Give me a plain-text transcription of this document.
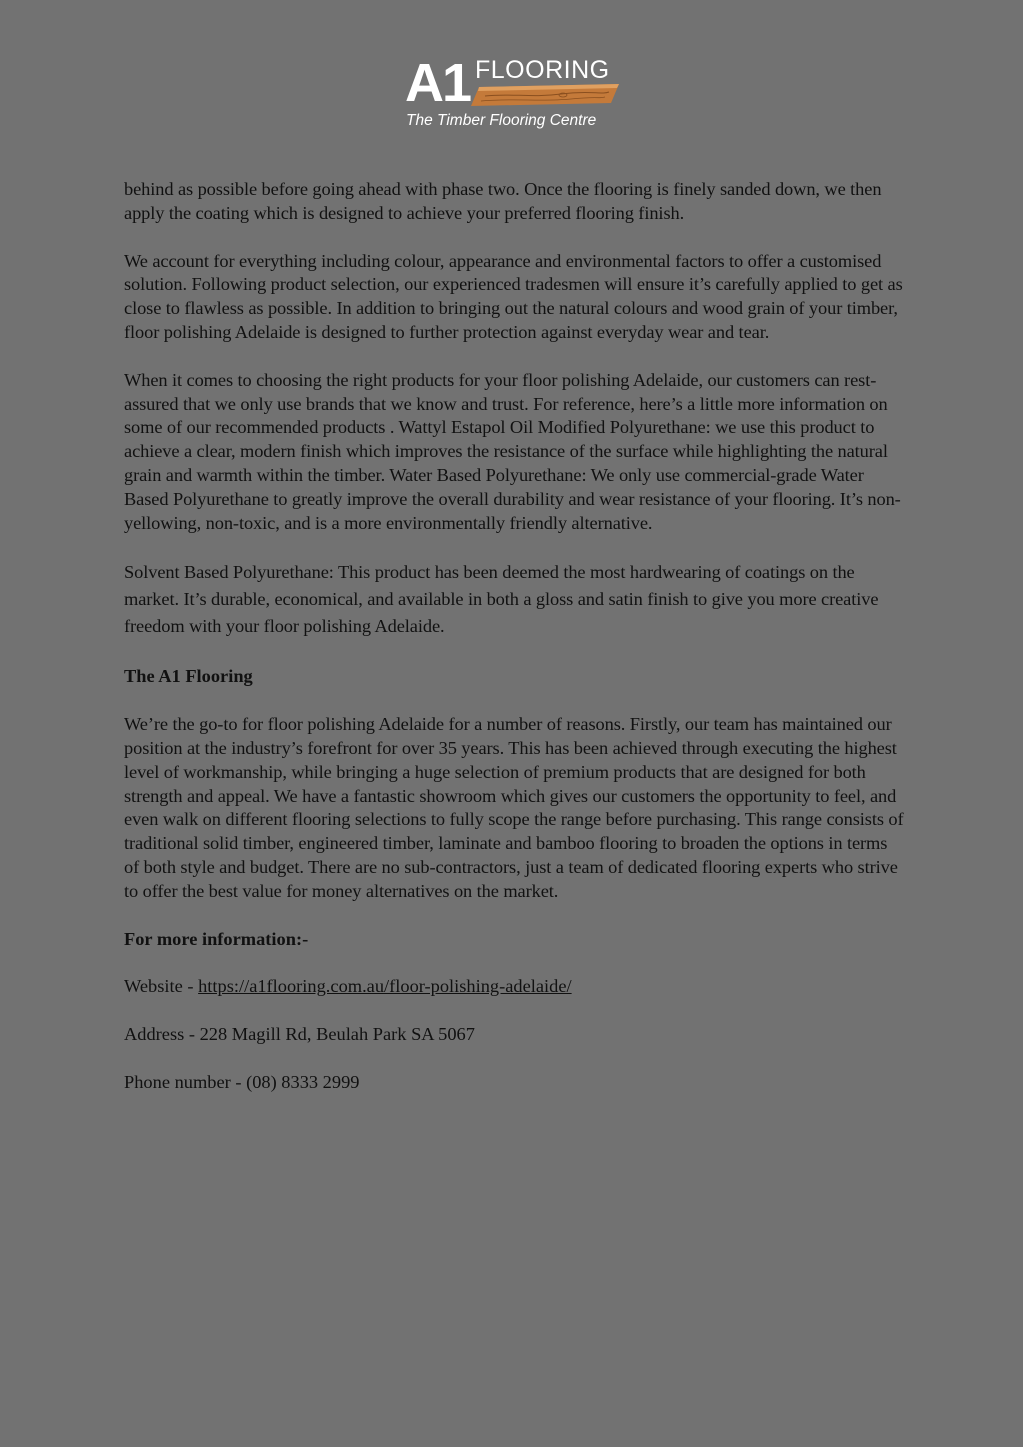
A1 FLOORING
The Timber Flooring Centre

behind as possible before going ahead with phase two. Once the flooring is finely sanded down, we then apply the coating which is designed to achieve your preferred flooring finish.

We account for everything including colour, appearance and environmental factors to offer a customised solution. Following product selection, our experienced tradesmen will ensure it’s carefully applied to get as close to flawless as possible. In addition to bringing out the natural colours and wood grain of your timber, floor polishing Adelaide is designed to further protection against everyday wear and tear.

When it comes to choosing the right products for your floor polishing Adelaide, our customers can rest-assured that we only use brands that we know and trust. For reference, here’s a little more information on some of our recommended products . Wattyl Estapol Oil Modified Polyurethane: we use this product to achieve a clear, modern finish which improves the resistance of the surface while highlighting the natural grain and warmth within the timber. Water Based Polyurethane: We only use commercial-grade Water Based Polyurethane to greatly improve the overall durability and wear resistance of your flooring. It’s non-yellowing, non-toxic, and is a more environmentally friendly alternative.

Solvent Based Polyurethane: This product has been deemed the most hardwearing of coatings on the market. It’s durable, economical, and available in both a gloss and satin finish to give you more creative freedom with your floor polishing Adelaide.

The A1 Flooring

We’re the go-to for floor polishing Adelaide for a number of reasons. Firstly, our team has maintained our position at the industry’s forefront for over 35 years. This has been achieved through executing the highest level of workmanship, while bringing a huge selection of premium products that are designed for both strength and appeal. We have a fantastic showroom which gives our customers the opportunity to feel, and even walk on different flooring selections to fully scope the range before purchasing. This range consists of traditional solid timber, engineered timber, laminate and bamboo flooring to broaden the options in terms of both style and budget. There are no sub-contractors, just a team of dedicated flooring experts who strive to offer the best value for money alternatives on the market.

For more information:-

Website - https://a1flooring.com.au/floor-polishing-adelaide/

Address - 228 Magill Rd, Beulah Park SA 5067

Phone number - (08) 8333 2999
